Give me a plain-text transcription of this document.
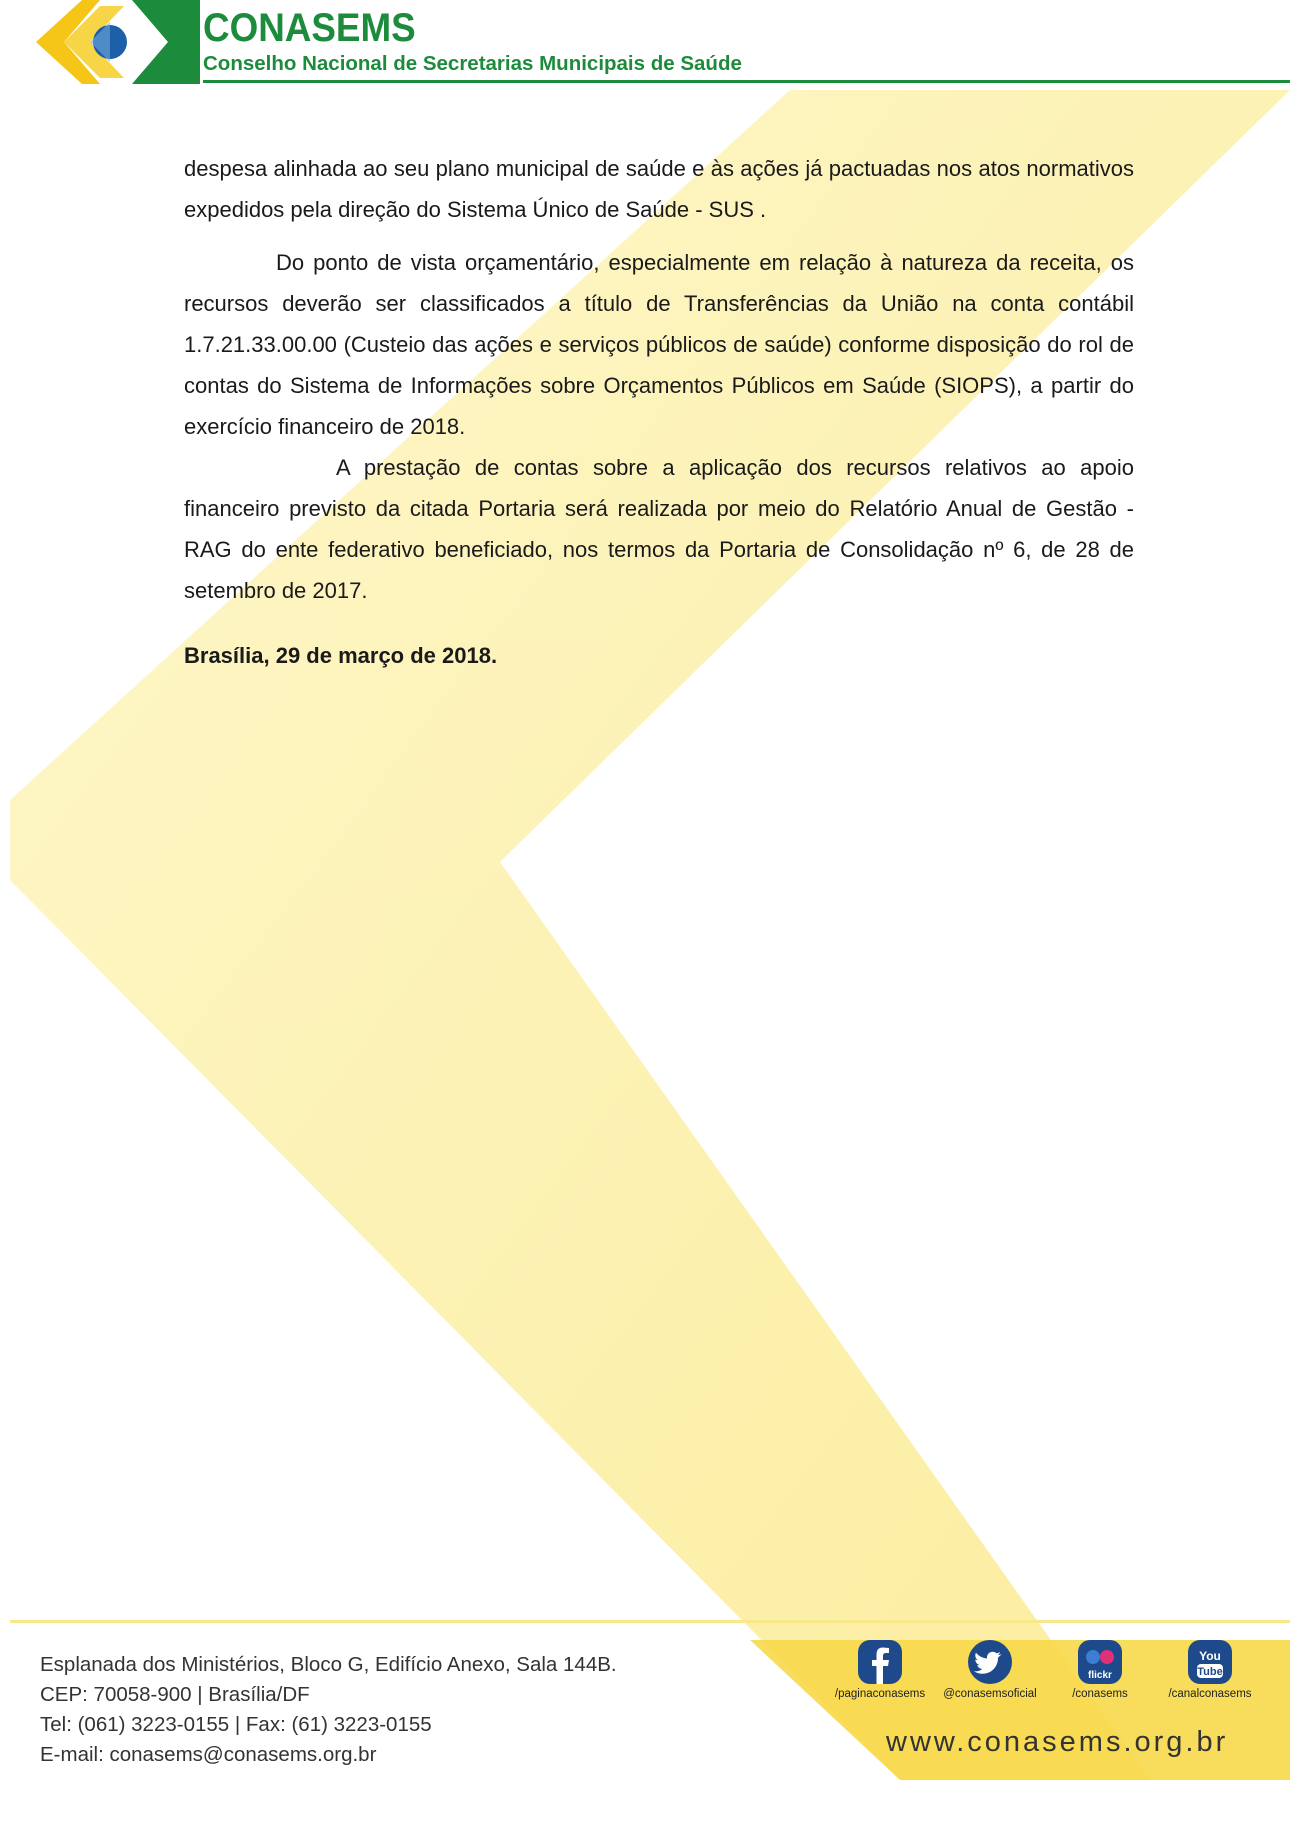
CONASEMS
Conselho Nacional de Secretarias Municipais de Saúde

despesa alinhada ao seu plano municipal de saúde e às ações já pactuadas nos atos normativos expedidos pela direção do Sistema Único de Saúde - SUS .

Do ponto de vista orçamentário, especialmente em relação à natureza da receita, os recursos deverão ser classificados a título de Transferências da União na conta contábil 1.7.21.33.00.00 (Custeio das ações e serviços públicos de saúde) conforme disposição do rol de contas do Sistema de Informações sobre Orçamentos Públicos em Saúde (SIOPS), a partir do exercício financeiro de 2018.

A prestação de contas sobre a aplicação dos recursos relativos ao apoio financeiro previsto da citada Portaria será realizada por meio do Relatório Anual de Gestão - RAG do ente federativo beneficiado, nos termos da Portaria de Consolidação nº 6, de 28 de setembro de 2017.

Brasília, 29 de março de 2018.

Esplanada dos Ministérios, Bloco G, Edifício Anexo, Sala 144B.
CEP: 70058-900 | Brasília/DF
Tel: (061) 3223-0155 | Fax: (61) 3223-0155
E-mail: conasems@conasems.org.br
/paginaconasems	@conasemsoficial
flickr
/conasems
You
Tube
/canalconasems
www.conasems.org.br
